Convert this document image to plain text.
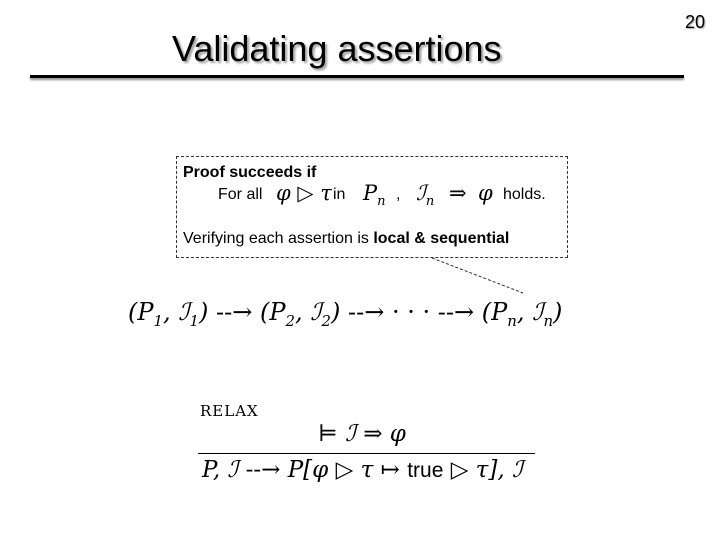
Validating assertions
20
Proof succeeds if
For all φ ▷ τ in $P_n$ , ℐ$_n$ ⇒ φ holds.
Verifying each assertion is local & sequential
($P_1$, ℐ$_1$) --→ ($P_2$, ℐ$_2$) --→ · · · --→ ($P_n$, ℐ$_n$)
RELAX
⊨ ℐ ⇒ φ
P, ℐ --→ P[φ ▷ τ ↦ true ▷ τ], ℐ
